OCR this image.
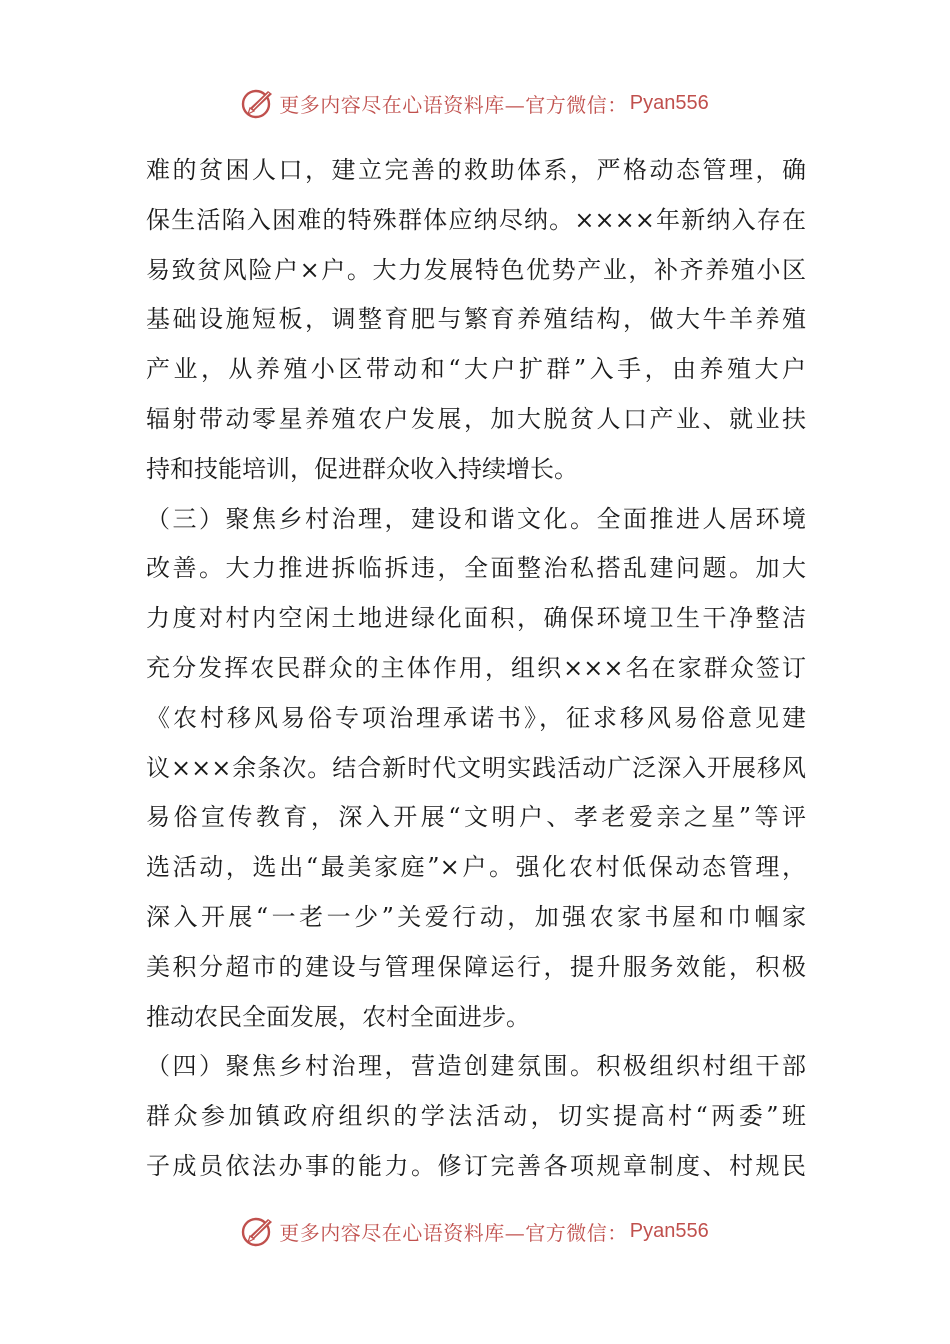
更多内容尽在心语资料库—官方微信： Pyan556
难的贫困人口，建立完善的救助体系，严格动态管理，确
保生活陷入困难的特殊群体应纳尽纳。××××年新纳入存在
易致贫风险户×户。大力发展特色优势产业，补齐养殖小区
基础设施短板，调整育肥与繁育养殖结构，做大牛羊养殖
产业，从养殖小区带动和“大户扩群”入手，由养殖大户
辐射带动零星养殖农户发展，加大脱贫人口产业、就业扶
持和技能培训，促进群众收入持续增长。
（三）聚焦乡村治理，建设和谐文化。全面推进人居环境
改善。大力推进拆临拆违，全面整治私搭乱建问题。加大
力度对村内空闲土地进绿化面积，确保环境卫生干净整洁
充分发挥农民群众的主体作用，组织×××名在家群众签订
《农村移风易俗专项治理承诺书》，征求移风易俗意见建
议×××余条次。结合新时代文明实践活动广泛深入开展移风
易俗宣传教育，深入开展“文明户、孝老爱亲之星”等评
选活动，选出“最美家庭”×户。强化农村低保动态管理，
深入开展“一老一少”关爱行动，加强农家书屋和巾帼家
美积分超市的建设与管理保障运行，提升服务效能，积极
推动农民全面发展，农村全面进步。
（四）聚焦乡村治理，营造创建氛围。积极组织村组干部
群众参加镇政府组织的学法活动，切实提高村“两委”班
子成员依法办事的能力。修订完善各项规章制度、村规民
更多内容尽在心语资料库—官方微信： Pyan556
